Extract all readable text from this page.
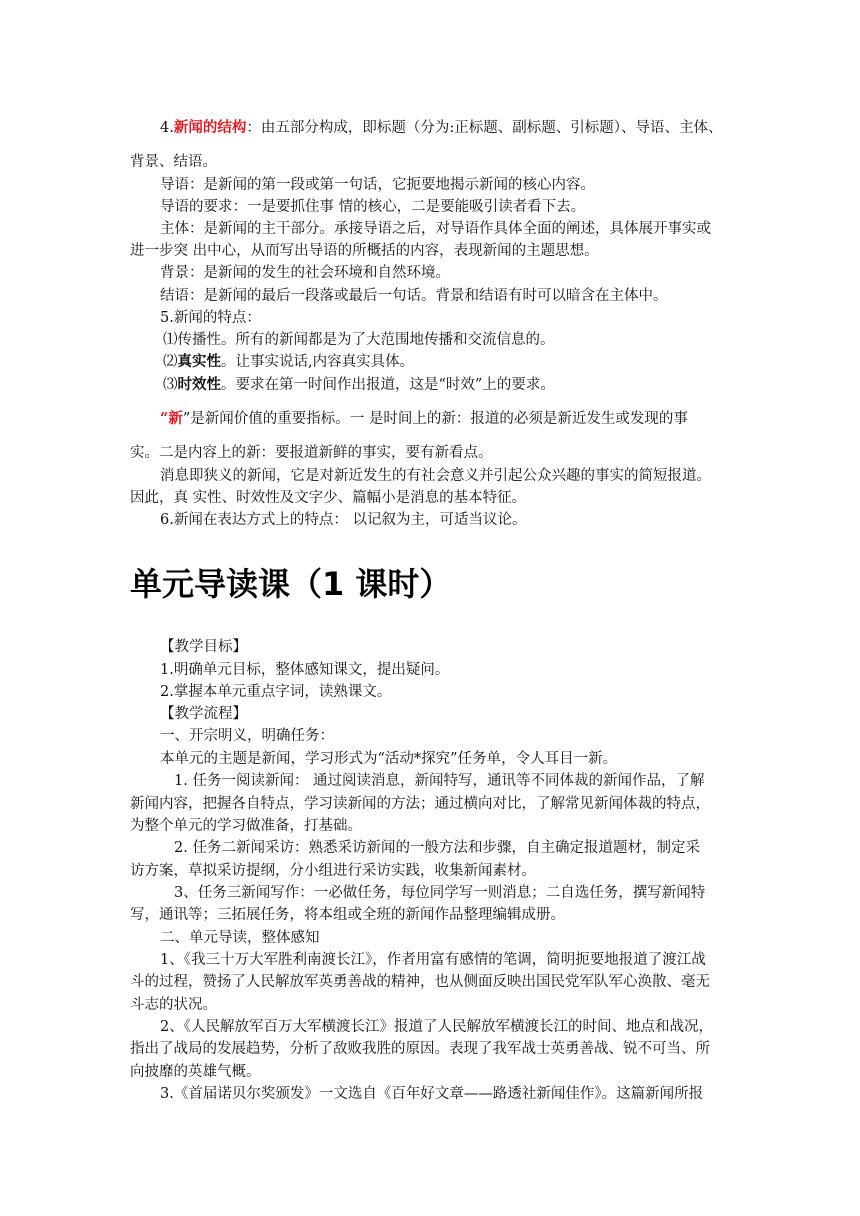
4.新闻的结构：由五部分构成，即标题（分为:正标题、副标题、引标题）、导语、主体、
背景、结语。
导语：是新闻的第一段或第一句话，它扼要地揭示新闻的核心内容。
导语的要求：一是要抓住事 情的核心，二是要能吸引读者看下去。
主体：是新闻的主干部分。承接导语之后，对导语作具体全面的阐述，具体展开事实或
进一步突 出中心，从而写出导语的所概括的内容，表现新闻的主题思想。
背景：是新闻的发生的社会环境和自然环境。
结语：是新闻的最后一段落或最后一句话。背景和结语有时可以暗含在主体中。
5.新闻的特点：
⑴传播性。所有的新闻都是为了大范围地传播和交流信息的。
⑵真实性。让事实说话,内容真实具体。
⑶时效性。要求在第一时间作出报道，这是“时效”上的要求。
“新”是新闻价值的重要指标。一 是时间上的新：报道的必须是新近发生或发现的事
实。二是内容上的新：要报道新鲜的事实，要有新看点。
消息即狭义的新闻，它是对新近发生的有社会意义并引起公众兴趣的事实的简短报道。
因此，真 实性、时效性及文字少、篇幅小是消息的基本特征。
6.新闻在表达方式上的特点： 以记叙为主，可适当议论。
单元导读课（1 课时）
【教学目标】
1.明确单元目标，整体感知课文，提出疑问。
2.掌握本单元重点字词，读熟课文。
【教学流程】
一、开宗明义，明确任务：
本单元的主题是新闻，学习形式为“活动*探究”任务单，令人耳目一新。
1. 任务一阅读新闻： 通过阅读消息，新闻特写，通讯等不同体裁的新闻作品，了解
新闻内容，把握各自特点，学习读新闻的方法；通过横向对比，了解常见新闻体裁的特点，
为整个单元的学习做准备，打基础。
2. 任务二新闻采访：熟悉采访新闻的一般方法和步骤，自主确定报道题材，制定采
访方案，草拟采访提纲，分小组进行采访实践，收集新闻素材。
3、任务三新闻写作：一必做任务，每位同学写一则消息；二自选任务，撰写新闻特
写，通讯等；三拓展任务，将本组或全班的新闻作品整理编辑成册。
二、单元导读，整体感知
1、《我三十万大军胜利南渡长江》，作者用富有感情的笔调，简明扼要地报道了渡江战
斗的过程，赞扬了人民解放军英勇善战的精神，也从侧面反映出国民党军队军心涣散、毫无
斗志的状况。
2、《人民解放军百万大军横渡长江》报道了人民解放军横渡长江的时间、地点和战况，
指出了战局的发展趋势，分析了敌败我胜的原因。表现了我军战士英勇善战、锐不可当、所
向披靡的英雄气概。
3.《首届诺贝尔奖颁发》一文选自《百年好文章——路透社新闻佳作》。这篇新闻所报
